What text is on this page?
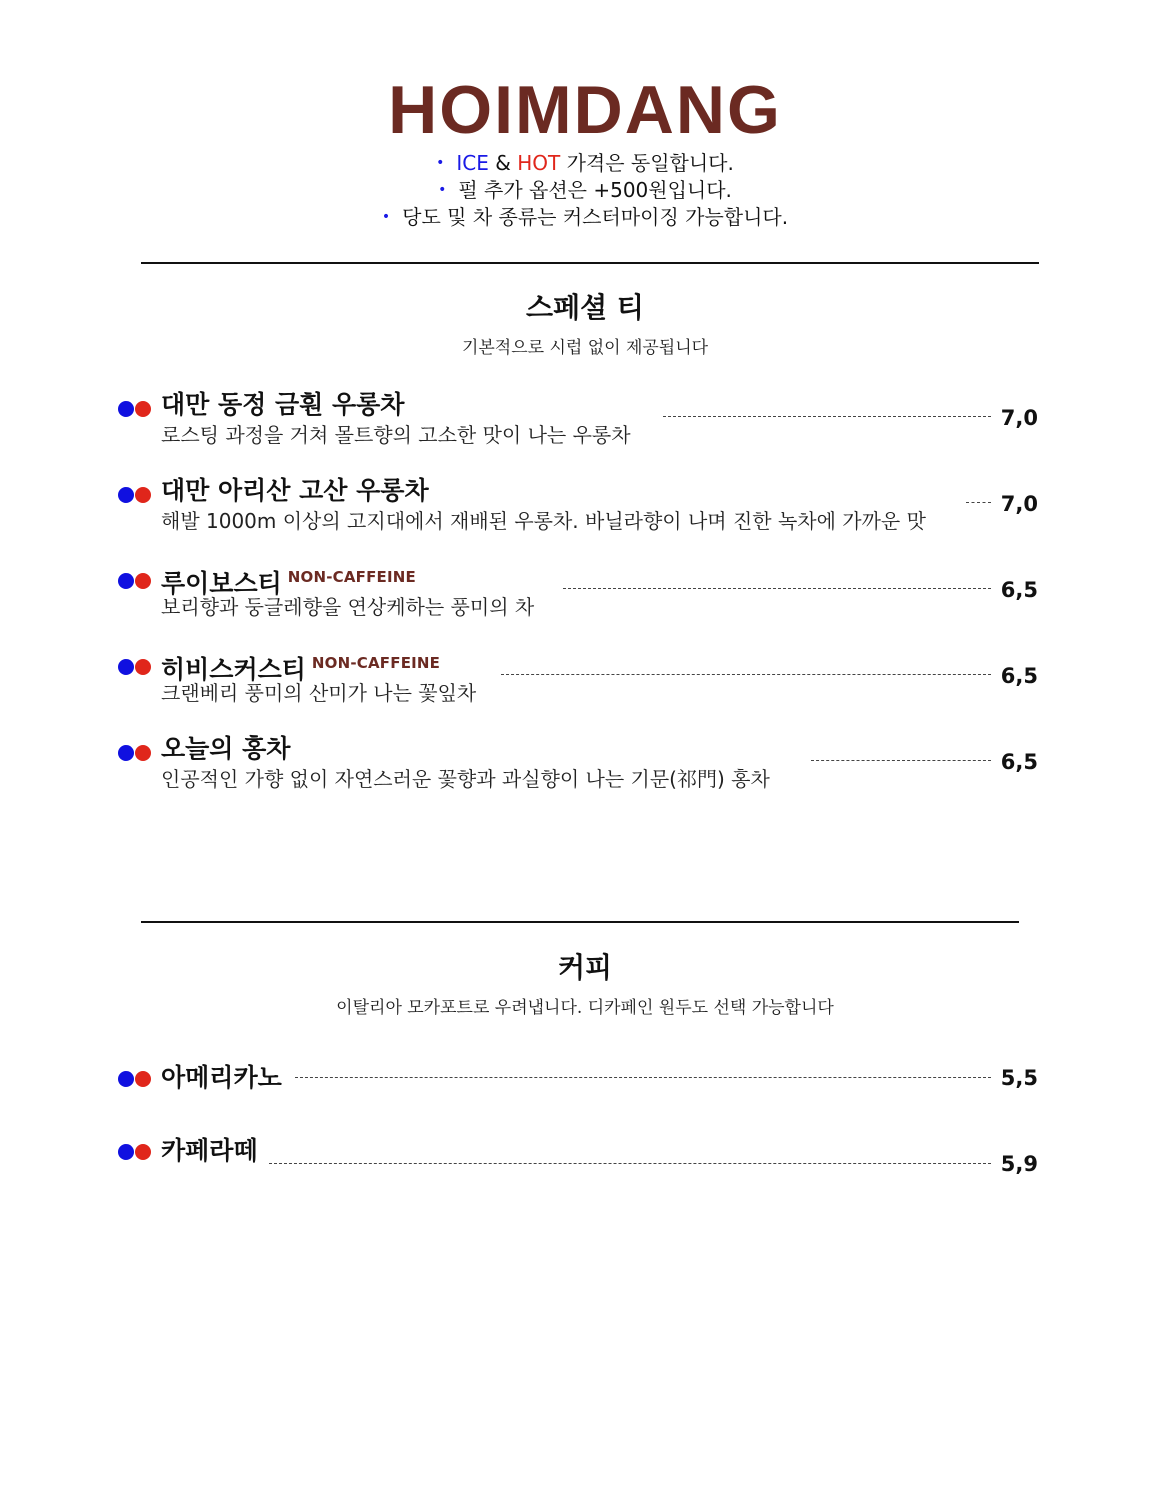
HOIMDANG
• ICE & HOT 가격은 동일합니다.
• 펄 추가 옵션은 +500원입니다.
• 당도 및 차 종류는 커스터마이징 가능합니다.
스페셜 티
기본적으로 시럽 없이 제공됩니다
대만 동정 금훤 우롱차
로스팅 과정을 거쳐 몰트향의 고소한 맛이 나는 우롱차
7,0
대만 아리산 고산 우롱차
해발 1000m 이상의 고지대에서 재배된 우롱차. 바닐라향이 나며 진한 녹차에 가까운 맛
7,0
루이보스티 $^{NON-CAFFEINE}$
보리향과 둥글레향을 연상케하는 풍미의 차
6,5
히비스커스티 $^{NON-CAFFEINE}$
크랜베리 풍미의 산미가 나는 꽃잎차
6,5
오늘의 홍차
인공적인 가향 없이 자연스러운 꽃향과 과실향이 나는 기문(祁門) 홍차
6,5
커피
이탈리아 모카포트로 우려냅니다. 디카페인 원두도 선택 가능합니다
아메리카노	5,5
카페라떼	5,9
